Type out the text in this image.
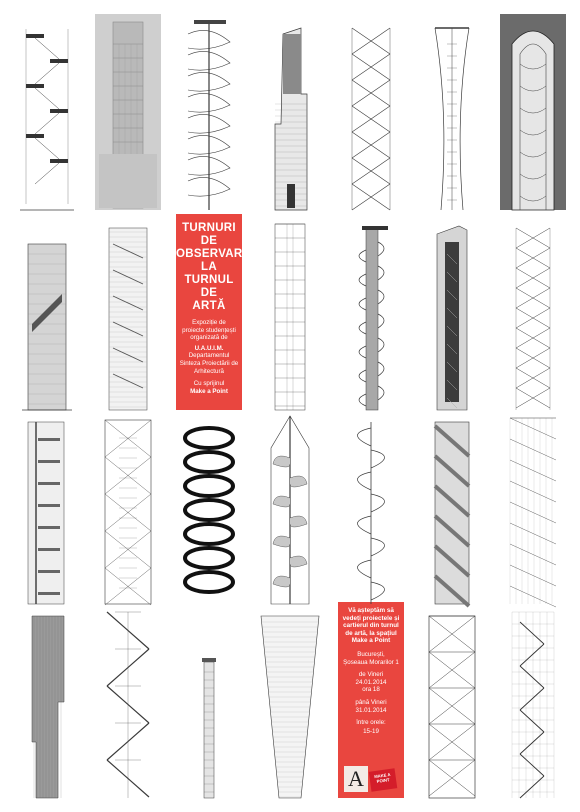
TURNURI
DE
OBSERVARE
LA
TURNUL
DE
ARTĂ
Expoziție de
proiecte studențești
organizată de
U.A.U.I.M.
Departamentul
Sinteza Proiectării de
Arhitectură
Cu sprijinul
Make a Point
Vă așteptăm să
vedeți proiectele și
cartierul din turnul
de artă, la spațiul
Make a Point
București,
Șoseaua Morarilor 1
de Vineri
24.01.2014
ora 18
până Vineri
31.01.2014
între orele:
15-19
A	MAKE A POINT
